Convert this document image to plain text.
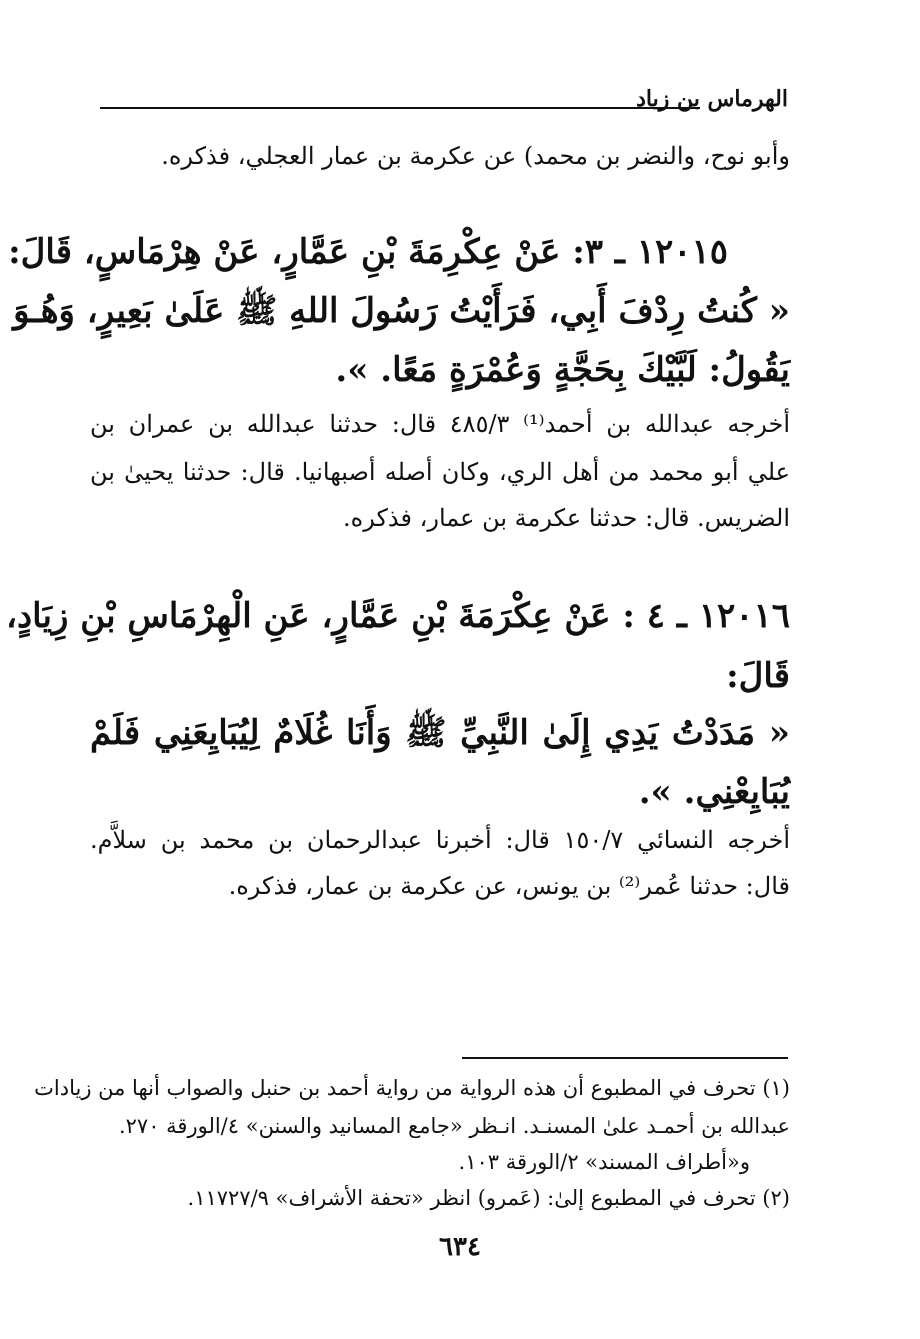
الهرماس بن زياد
وأبو نوح، والنضر بن محمد) عن عكرمة بن عمار العجلي، فذكره.
١٢٠١٥ ـ ٣: عَنْ عِكْرِمَةَ بْنِ عَمَّارٍ، عَنْ هِرْمَاسٍ، قَالَ:
« كُنتُ رِدْفَ أَبِي، فَرَأَيْتُ رَسُولَ اللهِ ﷺ عَلَىٰ بَعِيرٍ، وَهُـوَ
يَقُولُ: لَبَّيْكَ بِحَجَّةٍ وَعُمْرَةٍ مَعًا. ».
أخرجه عبدالله بن أحمد⁽¹⁾ ٤٨٥/٣ قال: حدثنا عبدالله بن عمران بن
علي أبو محمد من أهل الري، وكان أصله أصبهانيا. قال: حدثنا يحيىٰ بن
الضريس. قال: حدثنا عكرمة بن عمار، فذكره.
١٢٠١٦ ـ ٤ : عَنْ عِكْرَمَةَ بْنِ عَمَّارٍ، عَنِ الْهِرْمَاسِ بْنِ زِيَادٍ،
قَالَ:
« مَدَدْتُ يَدِي إِلَىٰ النَّبِيِّ ﷺ وَأَنَا غُلَامٌ لِيُبَايِعَنِي فَلَمْ
يُبَايِعْنِي. ».
أخرجه النسائي ١٥٠/٧ قال: أخبرنا عبدالرحمان بن محمد بن سلاَّم.
قال: حدثنا عُمر⁽²⁾ بن يونس، عن عكرمة بن عمار، فذكره.
(١) تحرف في المطبوع أن هذه الرواية من رواية أحمد بن حنبل والصواب أنها من زيادات
عبدالله بن أحمـد علىٰ المسنـد. انـظر «جامع المسانيد والسنن» ٤/الورقة ٢٧٠.
و«أطراف المسند» ٢/الورقة ١٠٣.
(٢) تحرف في المطبوع إلىٰ: (عَمرو) انظر «تحفة الأشراف» ١١٧٢٧/٩.
٦٣٤
